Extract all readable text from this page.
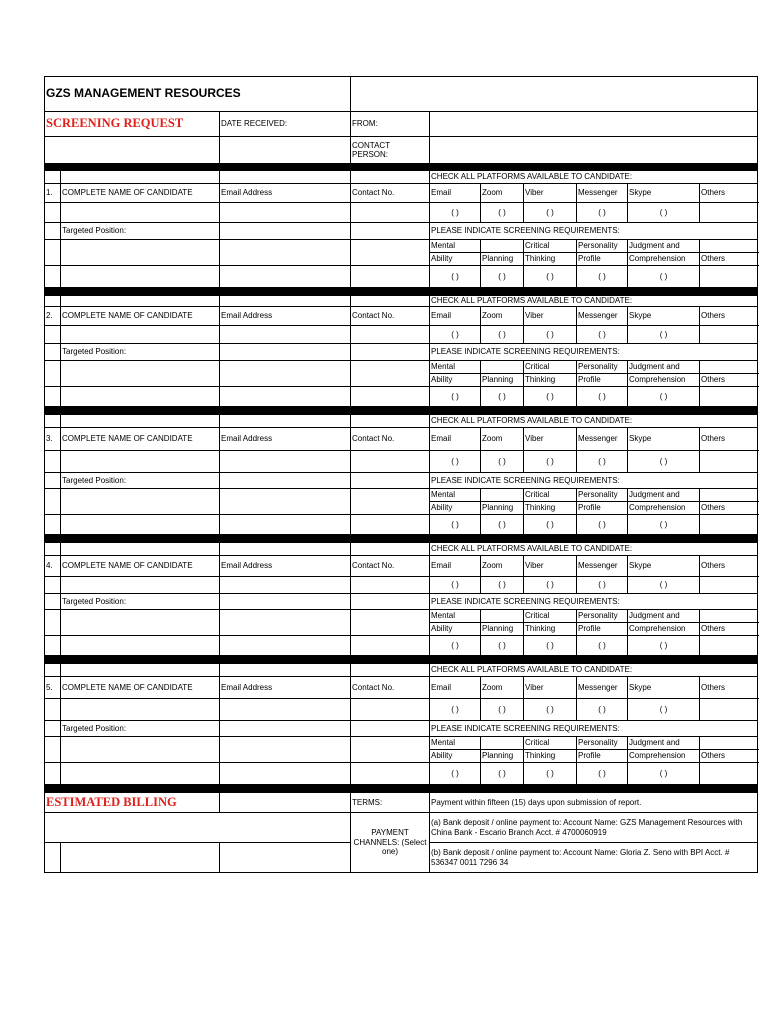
GZS MANAGEMENT RESOURCES									
SCREENING REQUEST		DATE RECEIVED:	FROM:						
			CONTACT PERSON:						

				CHECK ALL PLATFORMS AVAILABLE TO CANDIDATE:					
1.	COMPLETE NAME OF CANDIDATE	Email Address	Contact No.	Email	Zoom	Viber	Messenger	Skype	Others
				( )	( )	( )	( )	( )	
	Targeted Position:			PLEASE INDICATE SCREENING REQUIREMENTS:					
				Mental		Critical	Personality	Judgment and	
				Ability	Planning	Thinking	Profile	Comprehension	Others
				( )	( )	( )	( )	( )	

				CHECK ALL PLATFORMS AVAILABLE TO CANDIDATE:					
2.	COMPLETE NAME OF CANDIDATE	Email Address	Contact No.	Email	Zoom	Viber	Messenger	Skype	Others
				( )	( )	( )	( )	( )	
	Targeted Position:			PLEASE INDICATE SCREENING REQUIREMENTS:					
				Mental		Critical	Personality	Judgment and	
				Ability	Planning	Thinking	Profile	Comprehension	Others
				( )	( )	( )	( )	( )	

				CHECK ALL PLATFORMS AVAILABLE TO CANDIDATE:					
3.	COMPLETE NAME OF CANDIDATE	Email Address	Contact No.	Email	Zoom	Viber	Messenger	Skype	Others
				( )	( )	( )	( )	( )	
	Targeted Position:			PLEASE INDICATE SCREENING REQUIREMENTS:					
				Mental		Critical	Personality	Judgment and	
				Ability	Planning	Thinking	Profile	Comprehension	Others
				( )	( )	( )	( )	( )	

				CHECK ALL PLATFORMS AVAILABLE TO CANDIDATE:					
4.	COMPLETE NAME OF CANDIDATE	Email Address	Contact No.	Email	Zoom	Viber	Messenger	Skype	Others
				( )	( )	( )	( )	( )	
	Targeted Position:			PLEASE INDICATE SCREENING REQUIREMENTS:					
				Mental		Critical	Personality	Judgment and	
				Ability	Planning	Thinking	Profile	Comprehension	Others
				( )	( )	( )	( )	( )	

				CHECK ALL PLATFORMS AVAILABLE TO CANDIDATE:					
5.	COMPLETE NAME OF CANDIDATE	Email Address	Contact No.	Email	Zoom	Viber	Messenger	Skype	Others
				( )	( )	( )	( )	( )	
	Targeted Position:			PLEASE INDICATE SCREENING REQUIREMENTS:					
				Mental		Critical	Personality	Judgment and	
				Ability	Planning	Thinking	Profile	Comprehension	Others
				( )	( )	( )	( )	( )	

ESTIMATED BILLING			TERMS:	Payment within fifteen (15) days upon submission of report.					
			PAYMENT CHANNELS: (Select one)	(a) Bank deposit / online payment to: Account Name: GZS Management Resources with China Bank - Escario Branch Acct. # 4700060919					
				(b) Bank deposit / online payment to: Account Name: Gloria Z. Seno with BPI Acct. # 536347 0011 7296 34					
